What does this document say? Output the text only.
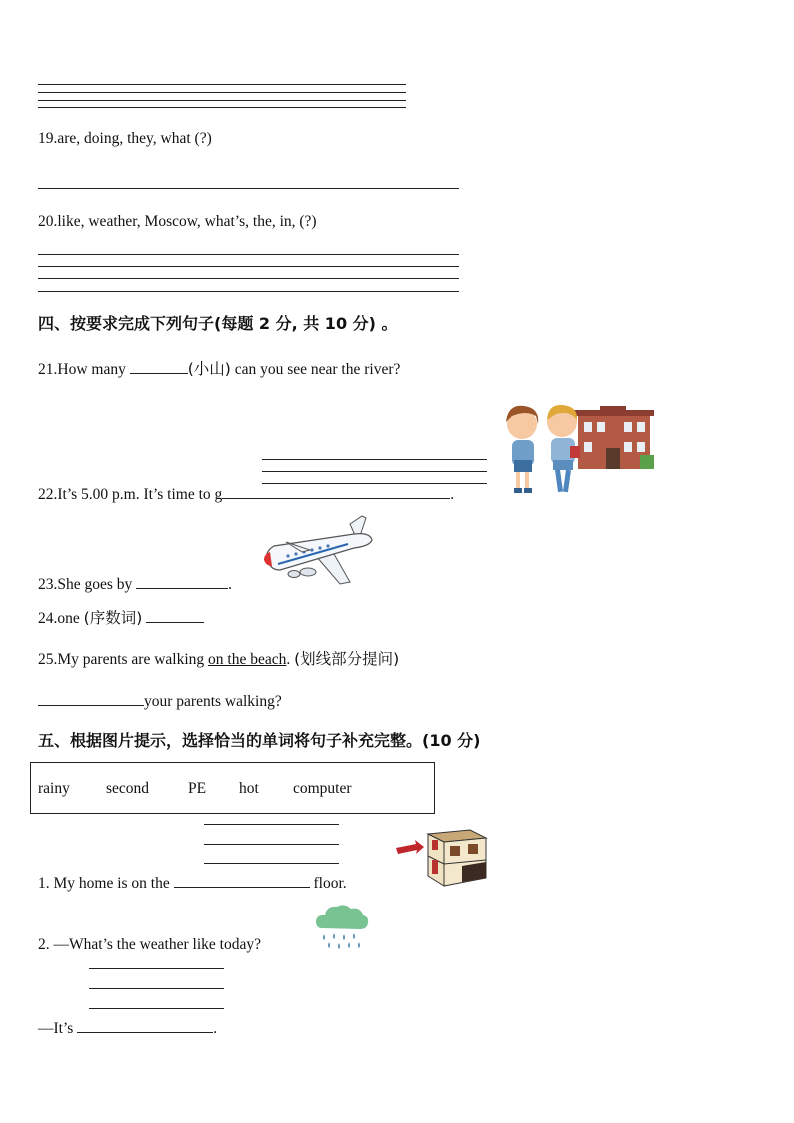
19.are, doing, they, what (?)
20.like, weather, Moscow, what’s, the, in, (?)
四、按要求完成下列句子(每题 2 分, 共 10 分) 。
21.How many	(小山) can you see near the river?
22.It’s 5.00 p.m. It’s time to g	.
23.She goes by	.
24.one (序数词)
25.My parents are walking on the beach. (划线部分提问)
your parents walking?
五、根据图片提示，选择恰当的单词将句子补充完整。(10 分)
rainy second	PE hot computer
1. My home is on the	floor.
2. —What’s the weather like today?
—It’s	.
